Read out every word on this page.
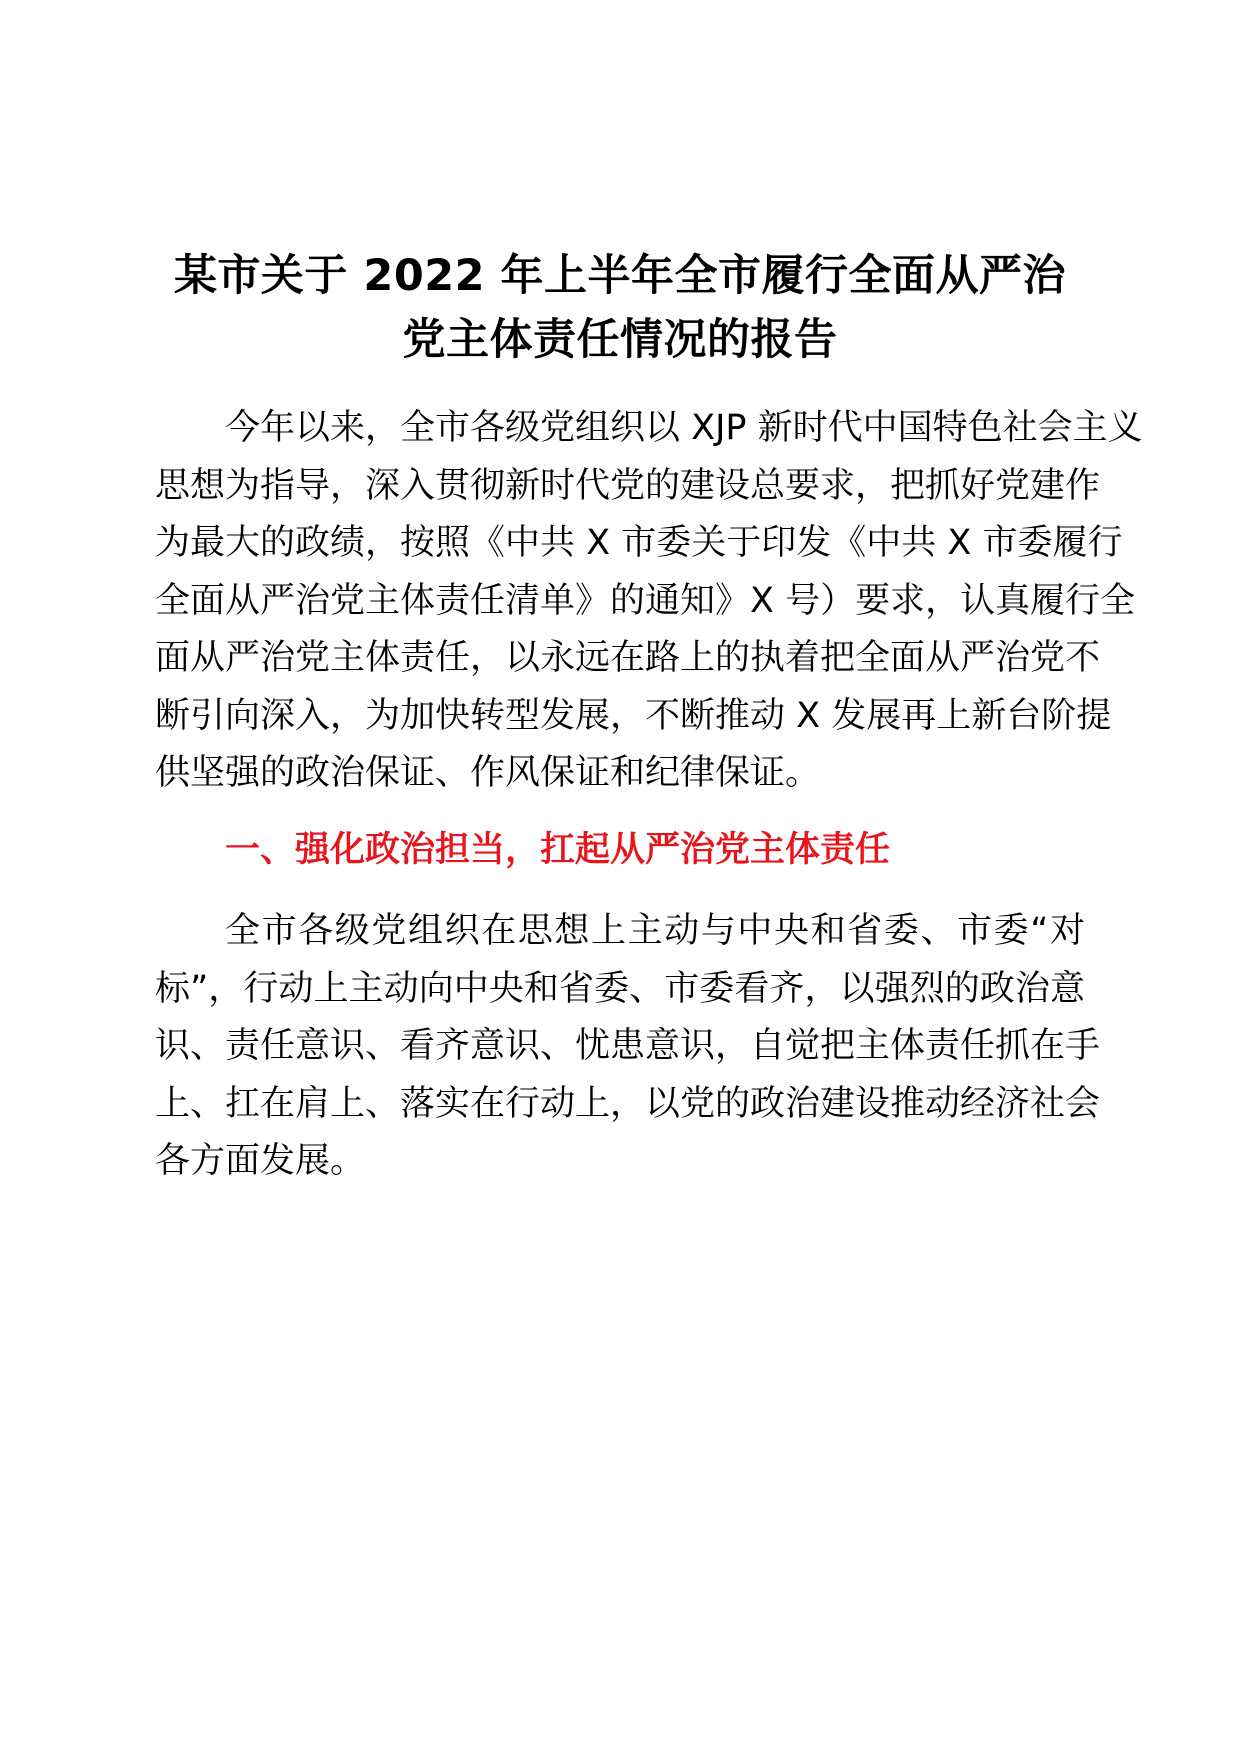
某市关于 2022 年上半年全市履行全面从严治
党主体责任情况的报告
今年以来，全市各级党组织以 XJP 新时代中国特色社会主义
思想为指导，深入贯彻新时代党的建设总要求，把抓好党建作
为最大的政绩，按照《中共 X 市委关于印发《中共 X 市委履行
全面从严治党主体责任清单》的通知》X 号）要求，认真履行全
面从严治党主体责任，以永远在路上的执着把全面从严治党不
断引向深入，为加快转型发展，不断推动 X 发展再上新台阶提
供坚强的政治保证、作风保证和纪律保证。
一、强化政治担当，扛起从严治党主体责任
全市各级党组织在思想上主动与中央和省委、市委“对
标”，行动上主动向中央和省委、市委看齐，以强烈的政治意
识、责任意识、看齐意识、忧患意识，自觉把主体责任抓在手
上、扛在肩上、落实在行动上，以党的政治建设推动经济社会
各方面发展。
